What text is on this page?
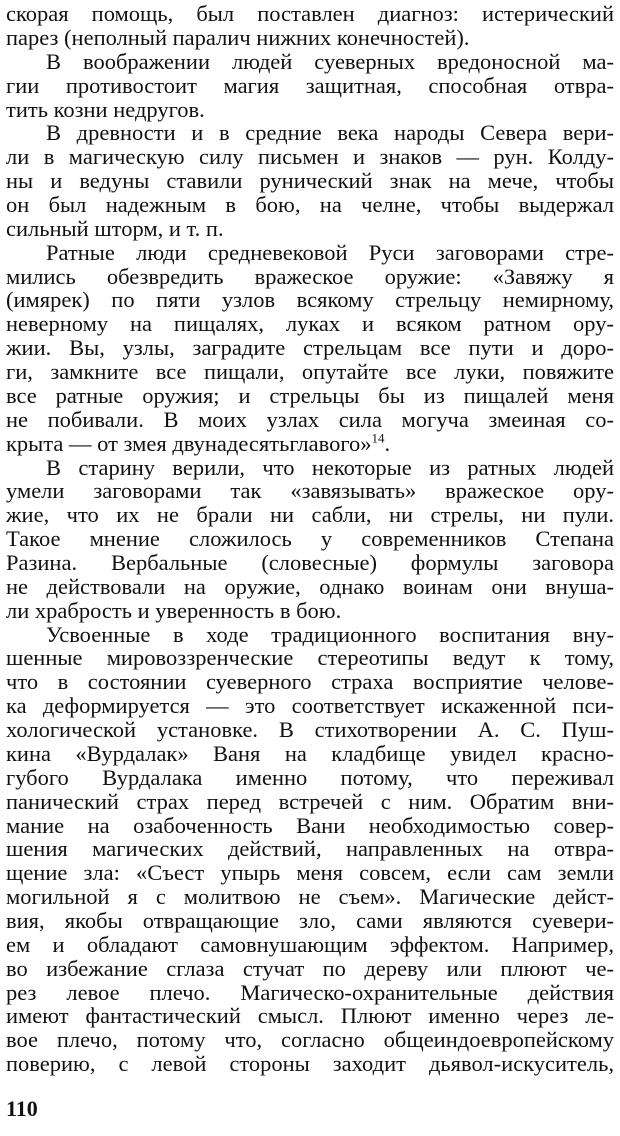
скорая помощь, был поставлен диагноз: истерический
парез (неполный паралич нижних конечностей).
В воображении людей суеверных вредоносной ма-
гии противостоит магия защитная, способная отвра-
тить козни недругов.
В древности и в средние века народы Севера вери-
ли в магическую силу письмен и знаков — рун. Колду-
ны и ведуны ставили рунический знак на мече, чтобы
он был надежным в бою, на челне, чтобы выдержал
сильный шторм, и т. п.
Ратные люди средневековой Руси заговорами стре-
мились обезвредить вражеское оружие: «Завяжу я
(имярек) по пяти узлов всякому стрельцу немирному,
неверному на пищалях, луках и всяком ратном ору-
жии. Вы, узлы, заградите стрельцам все пути и доро-
ги, замкните все пищали, опутайте все луки, повяжите
все ратные оружия; и стрельцы бы из пищалей меня
не побивали. В моих узлах сила могуча змеиная со-
крыта — от змея двунадесятьглавого»$^{14}$.
В старину верили, что некоторые из ратных людей
умели заговорами так «завязывать» вражеское ору-
жие, что их не брали ни сабли, ни стрелы, ни пули.
Такое мнение сложилось у современников Степана
Разина. Вербальные (словесные) формулы заговора
не действовали на оружие, однако воинам они внуша-
ли храбрость и уверенность в бою.
Усвоенные в ходе традиционного воспитания вну-
шенные мировоззренческие стереотипы ведут к тому,
что в состоянии суеверного страха восприятие челове-
ка деформируется — это соответствует искаженной пси-
хологической установке. В стихотворении А. С. Пуш-
кина «Вурдалак» Ваня на кладбище увидел красно-
губого Вурдалака именно потому, что переживал
панический страх перед встречей с ним. Обратим вни-
мание на озабоченность Вани необходимостью совер-
шения магических действий, направленных на отвра-
щение зла: «Съест упырь меня совсем, если сам земли
могильной я с молитвою не съем». Магические дейст-
вия, якобы отвращающие зло, сами являются суевери-
ем и обладают самовнушающим эффектом. Например,
во избежание сглаза стучат по дереву или плюют че-
рез левое плечо. Магическо-охранительные действия
имеют фантастический смысл. Плюют именно через ле-
вое плечо, потому что, согласно общеиндоевропейскому
поверию, с левой стороны заходит дьявол-искуситель,
110
